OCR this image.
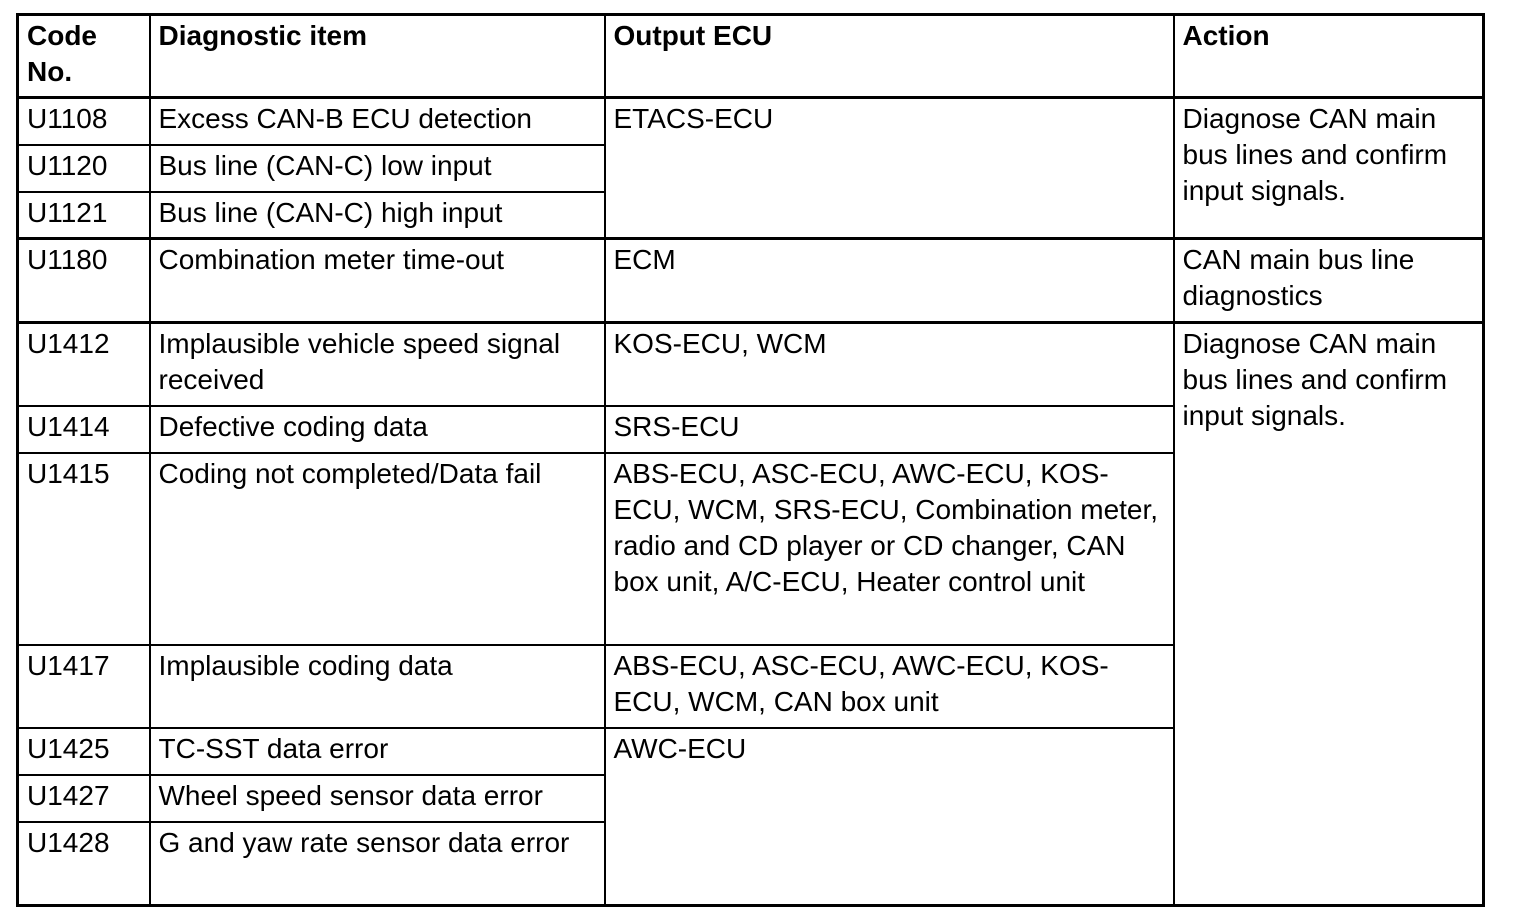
Code No.	Diagnostic item	Output ECU	Action
U1108	Excess CAN-B ECU detection	ETACS-ECU	Diagnose CAN main bus lines and confirm input signals.
U1120	Bus line (CAN-C) low input		
U1121	Bus line (CAN-C) high input		
U1180	Combination meter time-out	ECM	CAN main bus line diagnostics
U1412	Implausible vehicle speed signal received	KOS-ECU, WCM	Diagnose CAN main bus lines and confirm input signals.
U1414	Defective coding data	SRS-ECU	
U1415	Coding not completed/Data fail	ABS-ECU, ASC-ECU, AWC-ECU, KOS-ECU, WCM, SRS-ECU, Combination meter, radio and CD player or CD changer, CAN box unit, A/C-ECU, Heater control unit	
U1417	Implausible coding data	ABS-ECU, ASC-ECU, AWC-ECU, KOS-ECU, WCM, CAN box unit	
U1425	TC-SST data error	AWC-ECU	
U1427	Wheel speed sensor data error		
U1428	G and yaw rate sensor data error		
